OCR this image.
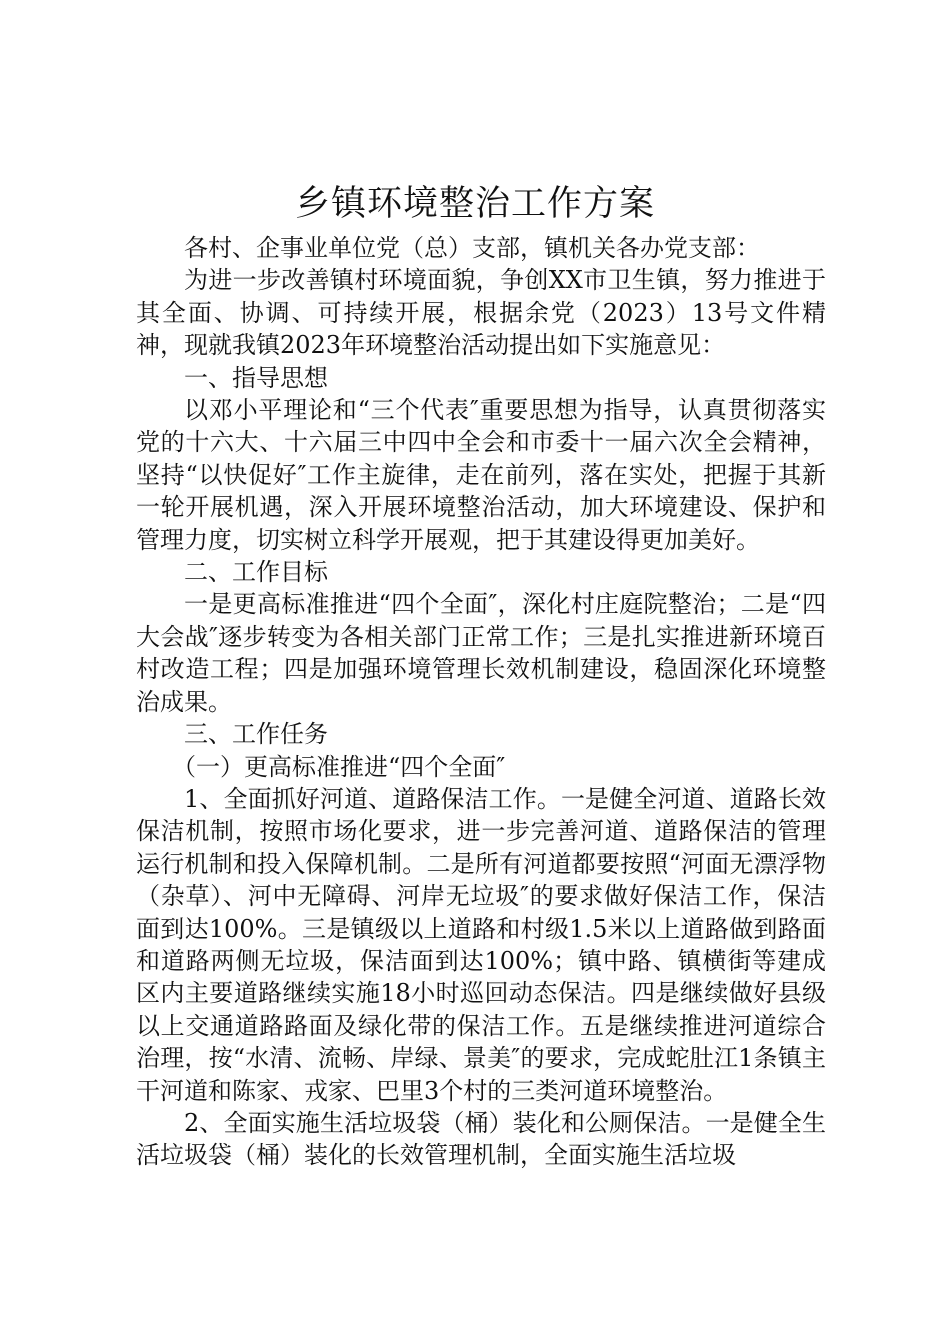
乡镇环境整治工作方案

各村、企事业单位党（总）支部，镇机关各办党支部：

为进一步改善镇村环境面貌，争创XX市卫生镇，努力推进于其全面、协调、可持续开展，根据余党（2023）13号文件精神，现就我镇2023年环境整治活动提出如下实施意见：

一、指导思想

以邓小平理论和“三个代表″重要思想为指导，认真贯彻落实党的十六大、十六届三中四中全会和市委十一届六次全会精神，坚持“以快促好″工作主旋律，走在前列，落在实处，把握于其新一轮开展机遇，深入开展环境整治活动，加大环境建设、保护和管理力度，切实树立科学开展观，把于其建设得更加美好。

二、工作目标

一是更高标准推进“四个全面″，深化村庄庭院整治；二是“四大会战″逐步转变为各相关部门正常工作；三是扎实推进新环境百村改造工程；四是加强环境管理长效机制建设，稳固深化环境整治成果。

三、工作任务

（一）更高标准推进“四个全面″

1、全面抓好河道、道路保洁工作。一是健全河道、道路长效保洁机制，按照市场化要求，进一步完善河道、道路保洁的管理运行机制和投入保障机制。二是所有河道都要按照“河面无漂浮物（杂草）、河中无障碍、河岸无垃圾″的要求做好保洁工作，保洁面到达100%。三是镇级以上道路和村级1.5米以上道路做到路面和道路两侧无垃圾，保洁面到达100%；镇中路、镇横街等建成区内主要道路继续实施18小时巡回动态保洁。四是继续做好县级以上交通道路路面及绿化带的保洁工作。五是继续推进河道综合治理，按“水清、流畅、岸绿、景美″的要求，完成蛇肚江1条镇主干河道和陈家、戎家、巴里3个村的三类河道环境整治。

2、全面实施生活垃圾袋（桶）装化和公厕保洁。一是健全生活垃圾袋（桶）装化的长效管理机制，全面实施生活垃圾
